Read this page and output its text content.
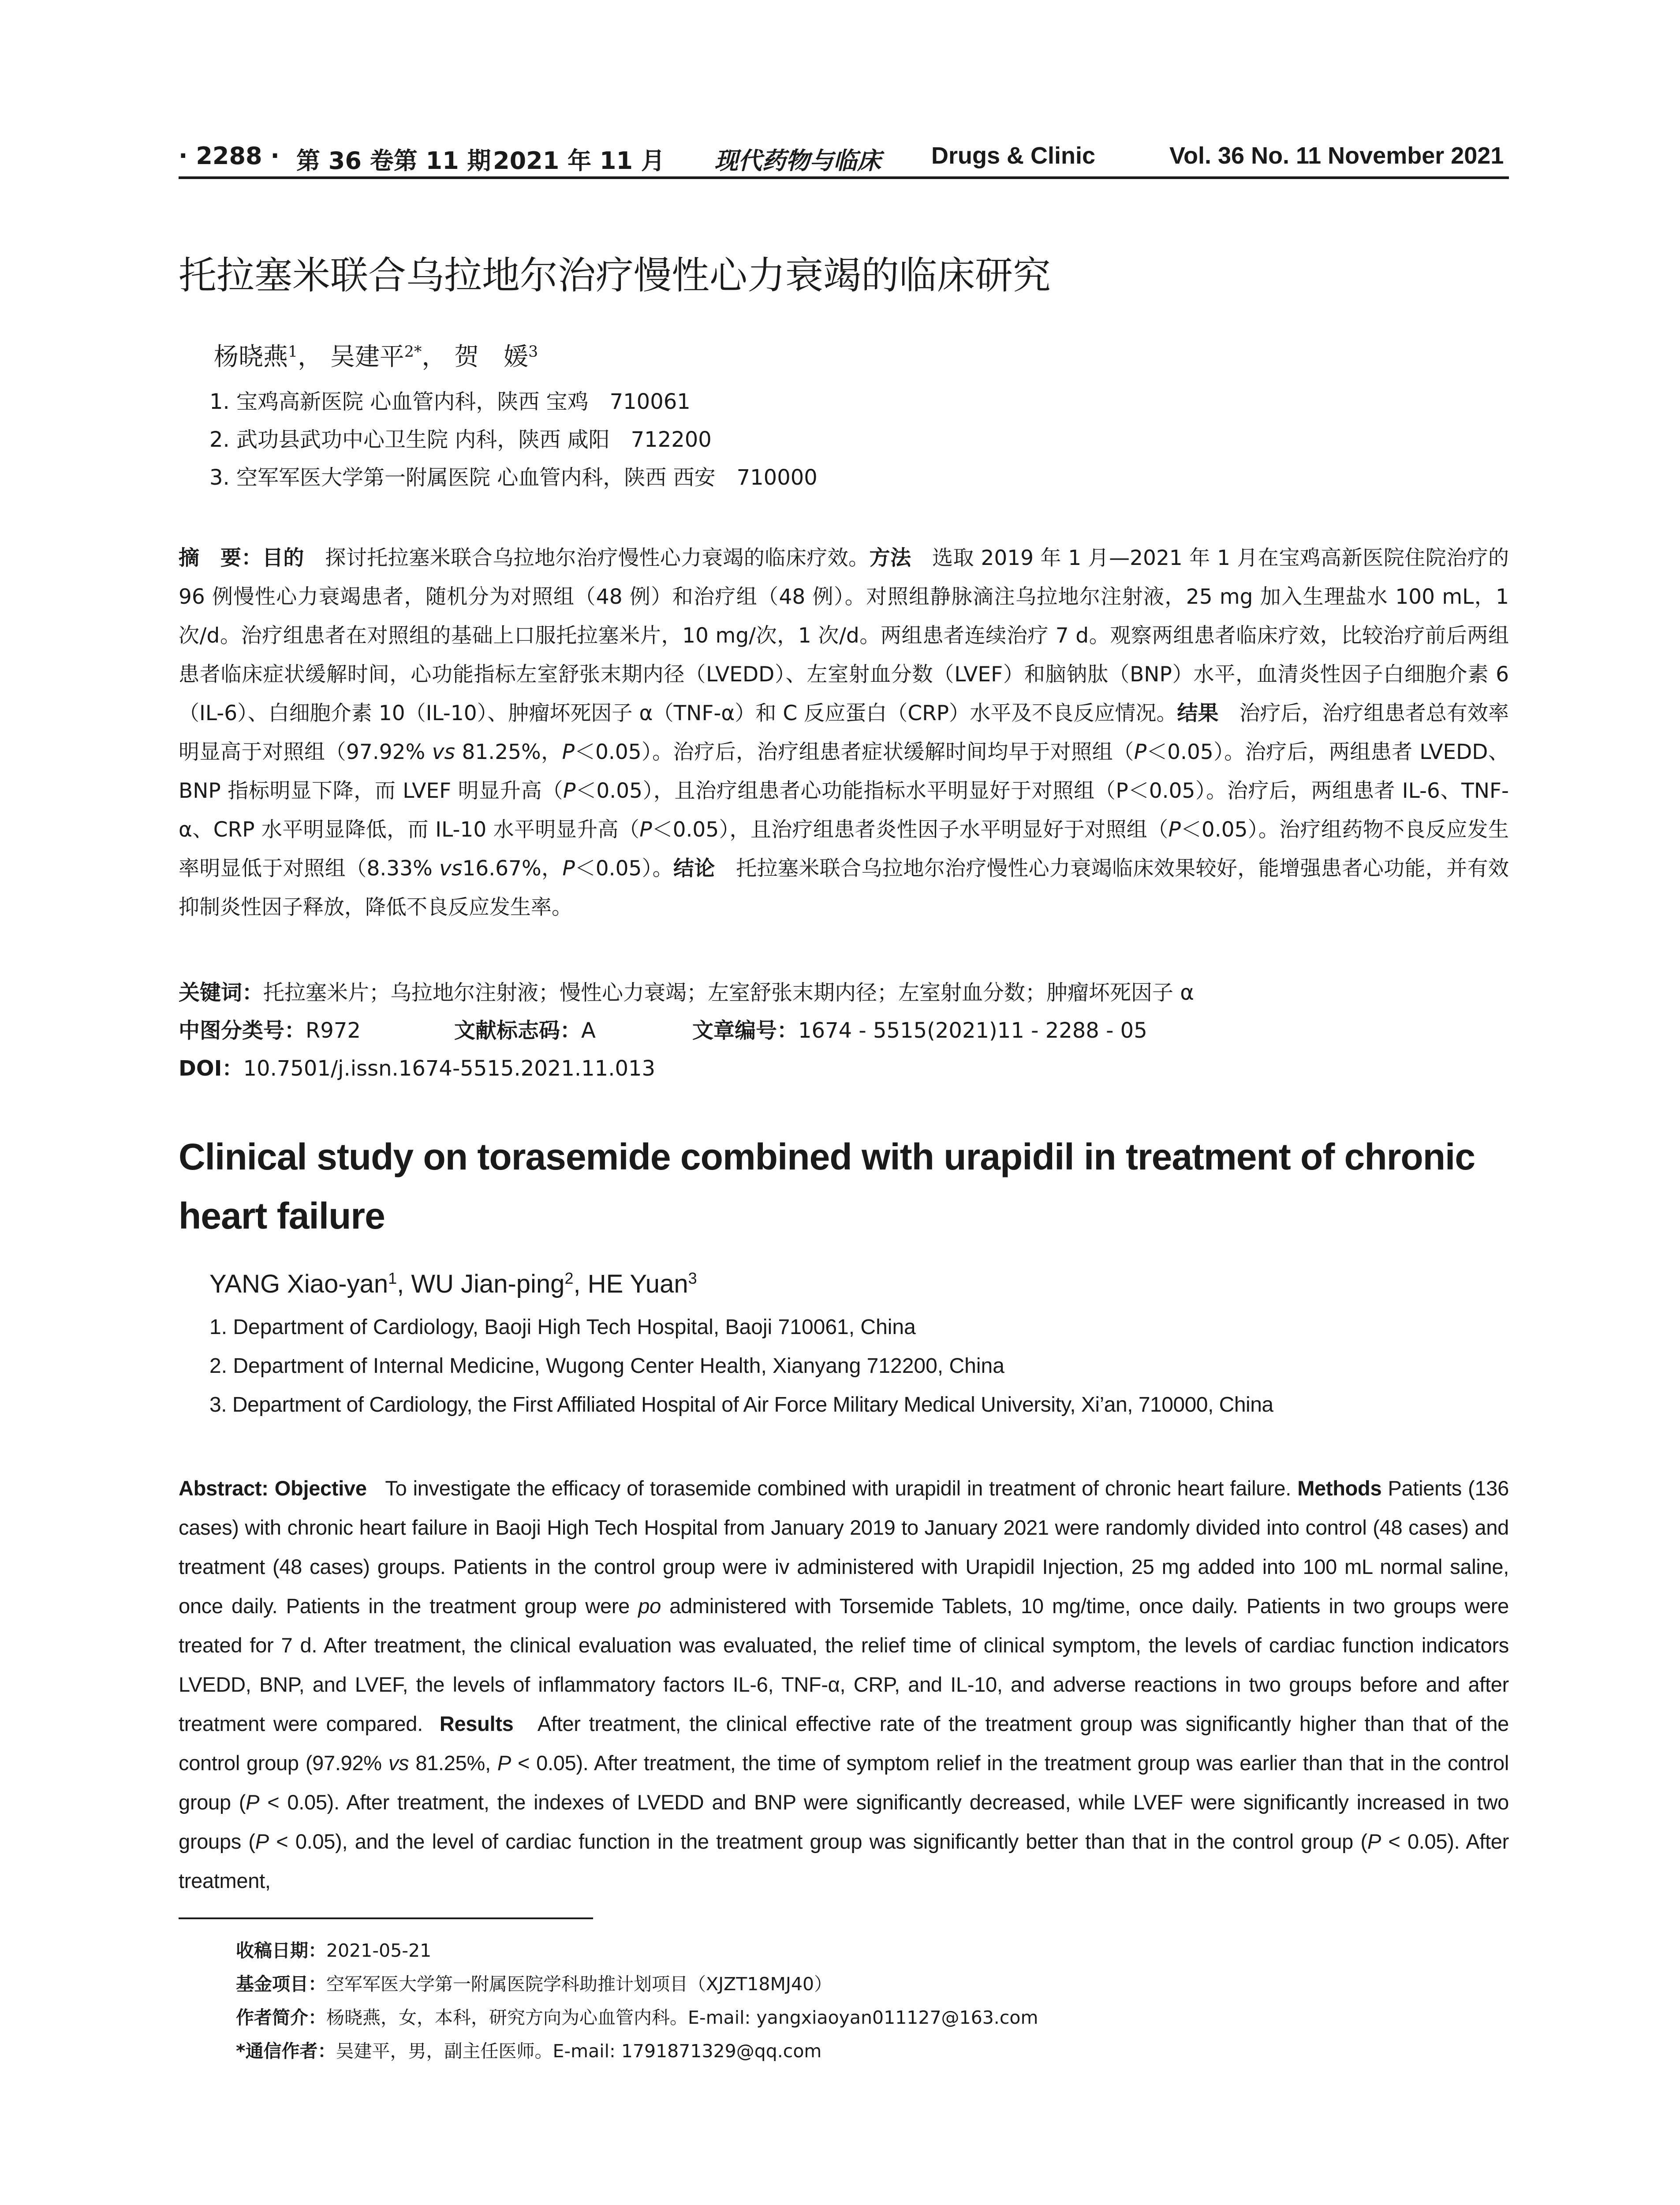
· 2288 · 第 36 卷第 11 期 2021 年 11 月 现代药物与临床 Drugs & Clinic	Vol. 36 No. 11 November 2021
托拉塞米联合乌拉地尔治疗慢性心力衰竭的临床研究
杨晓燕$^1$， 吴建平$^{2*}$， 贺　媛$^3$
1. 宝鸡高新医院 心血管内科，陕西 宝鸡　710061
2. 武功县武功中心卫生院 内科，陕西 咸阳　712200
3. 空军军医大学第一附属医院 心血管内科，陕西 西安　710000

摘　要：目的　 探讨托拉塞米联合乌拉地尔治疗慢性心力衰竭的临床疗效。方法　 选取 2019 年 1 月—2021 年 1 月在宝鸡高新医院住院治疗的 96 例慢性心力衰竭患者，随机分为对照组（48 例）和治疗组（48 例）。对照组静脉滴注乌拉地尔注射液，25 mg 加入生理盐水 100 mL，1 次/d。治疗组患者在对照组的基础上口服托拉塞米片，10 mg/次，1 次/d。两组患者连续治疗 7 d。观察两组患者临床疗效，比较治疗前后两组患者临床症状缓解时间，心功能指标左室舒张末期内径（LVEDD）、左室射血分数（LVEF）和脑钠肽（BNP）水平，血清炎性因子白细胞介素 6（IL-6）、白细胞介素 10（IL-10）、肿瘤坏死因子 α（TNF-α）和 C 反应蛋白（CRP）水平及不良反应情况。结果　 治疗后，治疗组患者总有效率明显高于对照组（97.92% vs 81.25%，P＜0.05）。治疗后，治疗组患者症状缓解时间均早于对照组（P＜0.05）。治疗后，两组患者 LVEDD、BNP 指标明显下降，而 LVEF 明显升高（P＜0.05），且治疗组患者心功能指标水平明显好于对照组（P＜0.05）。治疗后，两组患者 IL-6、TNF-α、CRP 水平明显降低，而 IL-10 水平明显升高（P＜0.05），且治疗组患者炎性因子水平明显好于对照组（P＜0.05）。治疗组药物不良反应发生率明显低于对照组（8.33% vs16.67%，P＜0.05）。结论　 托拉塞米联合乌拉地尔治疗慢性心力衰竭临床效果较好，能增强患者心功能，并有效抑制炎性因子释放，降低不良反应发生率。

关键词：托拉塞米片；乌拉地尔注射液；慢性心力衰竭；左室舒张末期内径；左室射血分数；肿瘤坏死因子 α
中图分类号：R972	文献标志码：A	文章编号：1674 - 5515(2021)11 - 2288 - 05
DOI：10.7501/j.issn.1674-5515.2021.11.013

Clinical study on torasemide combined with urapidil in treatment of chronic heart failure

YANG Xiao-yan$^1$, WU Jian-ping$^2$, HE Yuan$^3$
1. Department of Cardiology, Baoji High Tech Hospital, Baoji 710061, China
2. Department of Internal Medicine, Wugong Center Health, Xianyang 712200, China
3. Department of Cardiology, the First Affiliated Hospital of Air Force Military Medical University, Xi’an, 710000, China

Abstract: Objective To investigate the efficacy of torasemide combined with urapidil in treatment of chronic heart failure. Methods Patients (136 cases) with chronic heart failure in Baoji High Tech Hospital from January 2019 to January 2021 were randomly divided into control (48 cases) and treatment (48 cases) groups. Patients in the control group were iv administered with Urapidil Injection, 25 mg added into 100 mL normal saline, once daily. Patients in the treatment group were po administered with Torsemide Tablets, 10 mg/time, once daily. Patients in two groups were treated for 7 d. After treatment, the clinical evaluation was evaluated, the relief time of clinical symptom, the levels of cardiac function indicators LVEDD, BNP, and LVEF, the levels of inflammatory factors IL-6, TNF-α, CRP, and IL-10, and adverse reactions in two groups before and after treatment were compared. Results After treatment, the clinical effective rate of the treatment group was significantly higher than that of the control group (97.92% vs 81.25%, P < 0.05). After treatment, the time of symptom relief in the treatment group was earlier than that in the control group (P < 0.05). After treatment, the indexes of LVEDD and BNP were significantly decreased, while LVEF were significantly increased in two groups (P < 0.05), and the level of cardiac function in the treatment group was significantly better than that in the control group (P < 0.05). After treatment,

收稿日期：2021-05-21
基金项目：空军军医大学第一附属医院学科助推计划项目（XJZT18MJ40）
作者简介：杨晓燕，女，本科，研究方向为心血管内科。E-mail: yangxiaoyan011127@163.com
*通信作者：吴建平，男，副主任医师。E-mail: 1791871329@qq.com
